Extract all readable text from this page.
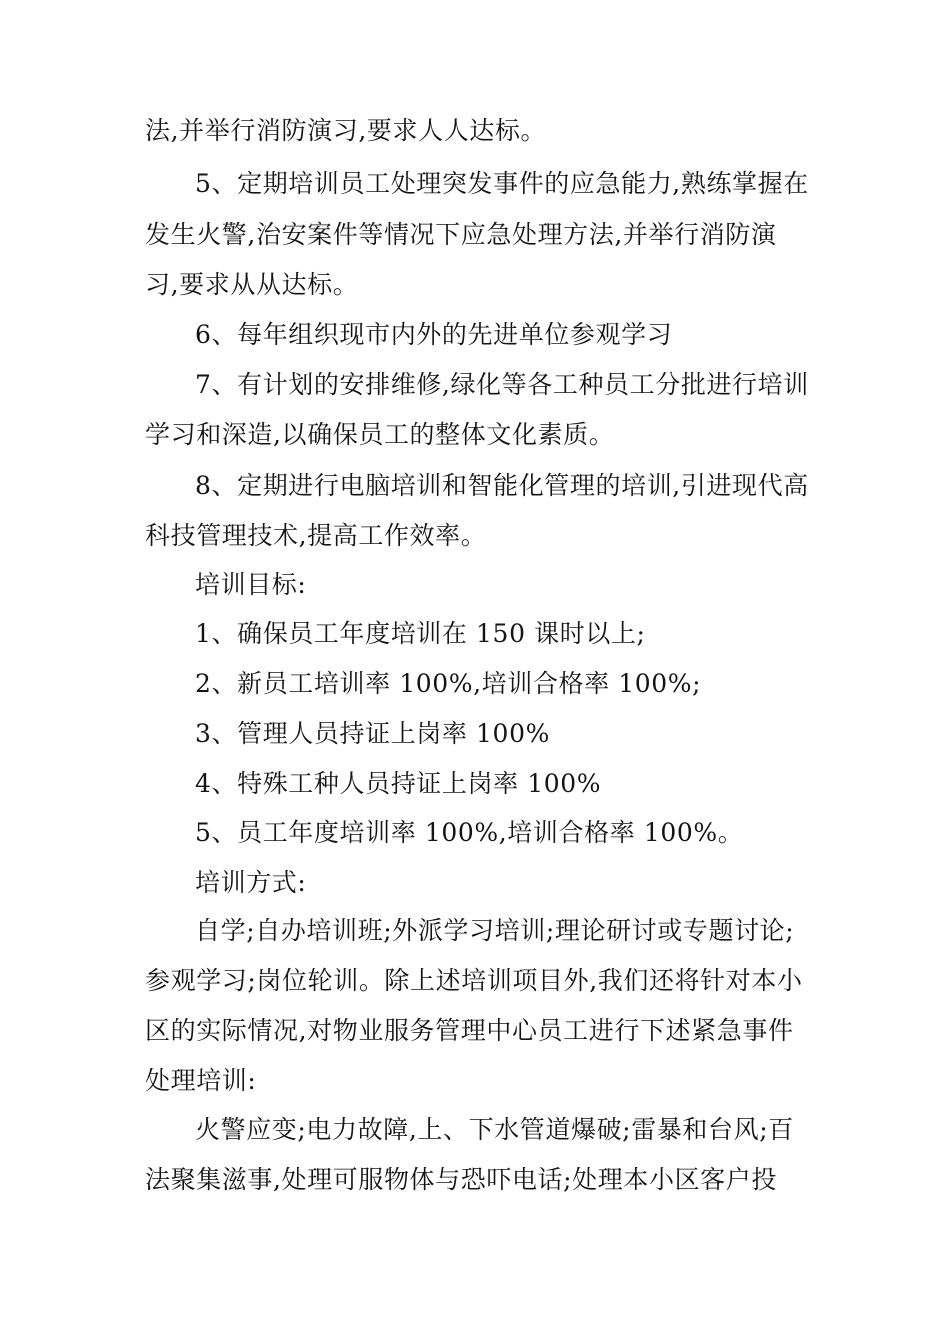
法,并举行消防演习,要求人人达标。
5、定期培训员工处理突发事件的应急能力,熟练掌握在
发生火警,治安案件等情况下应急处理方法,并举行消防演
习,要求从从达标。
6、每年组织现市内外的先进单位参观学习
7、有计划的安排维修,绿化等各工种员工分批进行培训
学习和深造,以确保员工的整体文化素质。
8、定期进行电脑培训和智能化管理的培训,引进现代高
科技管理技术,提高工作效率。
培训目标:
1、确保员工年度培训在 150 课时以上;
2、新员工培训率 100%,培训合格率 100%;
3、管理人员持证上岗率 100%
4、特殊工种人员持证上岗率 100%
5、员工年度培训率 100%,培训合格率 100%。
培训方式:
自学;自办培训班;外派学习培训;理论研讨或专题讨论;
参观学习;岗位轮训。除上述培训项目外,我们还将针对本小
区的实际情况,对物业服务管理中心员工进行下述紧急事件
处理培训:
火警应变;电力故障,上、下水管道爆破;雷暴和台风;百
法聚集滋事,处理可服物体与恐吓电话;处理本小区客户投
